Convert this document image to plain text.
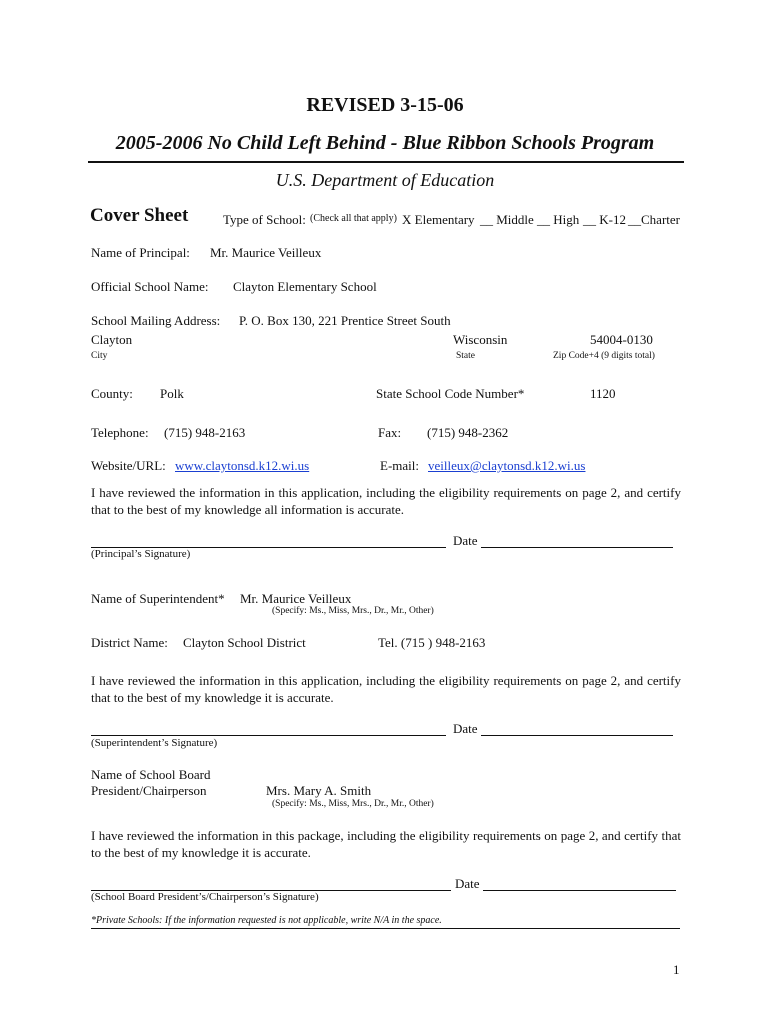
REVISED 3-15-06
2005-2006 No Child Left Behind - Blue Ribbon Schools Program
U.S. Department of Education
Cover Sheet	Type of School: (Check all that apply) X Elementary __ Middle __ High __ K-12 __Charter
Name of Principal: Mr. Maurice Veilleux
Official School Name: Clayton Elementary School
School Mailing Address: P. O. Box 130, 221 Prentice Street South
Clayton	Wisconsin	54004-0130
City	State	Zip Code+4 (9 digits total)
County: Polk	State School Code Number*	1120
Telephone: (715) 948-2163	Fax: (715) 948-2362
Website/URL: www.claytonsd.k12.wi.us	E-mail: veilleux@claytonsd.k12.wi.us
I have reviewed the information in this application, including the eligibility requirements on page 2, and certify that to the best of my knowledge all information is accurate.
Date
(Principal’s Signature)
Name of Superintendent* Mr. Maurice Veilleux
(Specify: Ms., Miss, Mrs., Dr., Mr., Other)
District Name: Clayton School District	Tel. (715 ) 948-2163
I have reviewed the information in this application, including the eligibility requirements on page 2, and certify that to the best of my knowledge it is accurate.
Date
(Superintendent’s Signature)
Name of School Board
President/Chairperson	Mrs. Mary A. Smith
(Specify: Ms., Miss, Mrs., Dr., Mr., Other)
I have reviewed the information in this package, including the eligibility requirements on page 2, and certify that to the best of my knowledge it is accurate.
Date
(School Board President’s/Chairperson’s Signature)
*Private Schools: If the information requested is not applicable, write N/A in the space.
1
